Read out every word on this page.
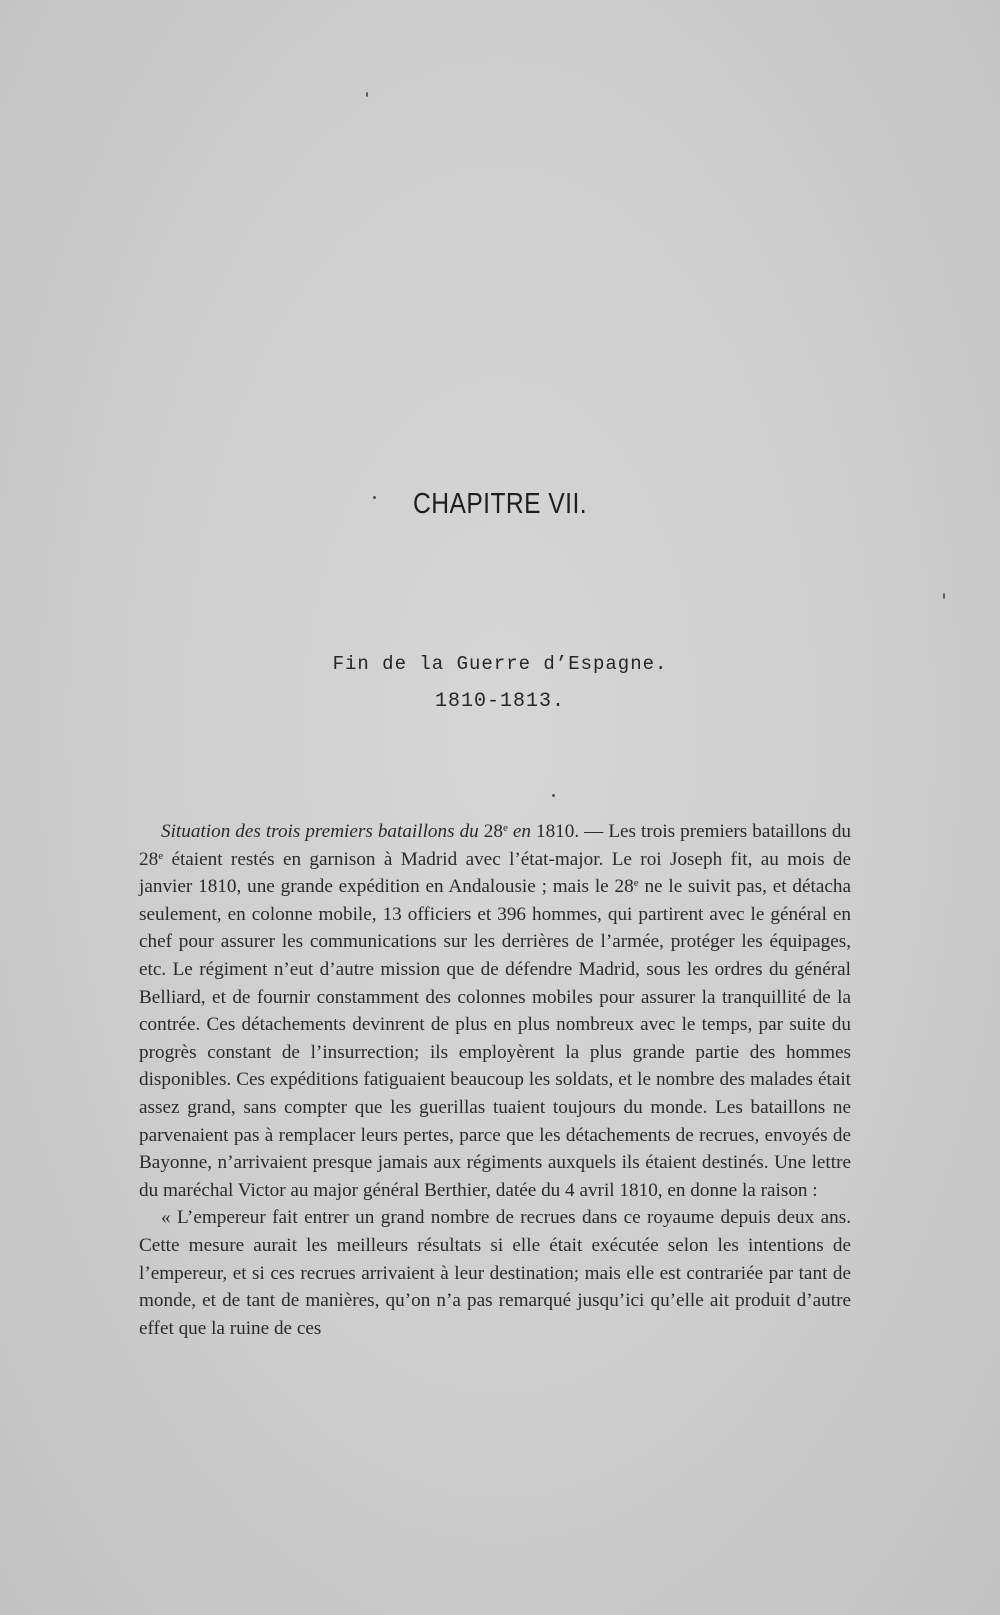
CHAPITRE VII.
Fin de la Guerre d’Espagne.
1810-1813.

Situation des trois premiers bataillons du 28e en 1810. — Les trois premiers bataillons du 28e étaient restés en garnison à Madrid avec l’état-major. Le roi Joseph fit, au mois de janvier 1810, une grande expédition en Andalousie ; mais le 28e ne le suivit pas, et détacha seulement, en colonne mobile, 13 officiers et 396 hommes, qui partirent avec le général en chef pour assurer les communications sur les derrières de l’armée, protéger les équipages, etc. Le régiment n’eut d’autre mission que de défendre Madrid, sous les ordres du général Belliard, et de fournir constamment des colonnes mobiles pour assurer la tranquillité de la contrée. Ces détachements devinrent de plus en plus nombreux avec le temps, par suite du progrès constant de l’insurrection; ils employèrent la plus grande partie des hommes disponibles. Ces expéditions fatiguaient beaucoup les soldats, et le nombre des malades était assez grand, sans compter que les guerillas tuaient toujours du monde. Les bataillons ne parvenaient pas à remplacer leurs pertes, parce que les détachements de recrues, envoyés de Bayonne, n’arrivaient presque jamais aux régiments auxquels ils étaient destinés. Une lettre du maréchal Victor au major général Berthier, datée du 4 avril 1810, en donne la raison :

« L’empereur fait entrer un grand nombre de recrues dans ce royaume depuis deux ans. Cette mesure aurait les meilleurs résultats si elle était exécutée selon les intentions de l’empereur, et si ces recrues arrivaient à leur destination; mais elle est contrariée par tant de monde, et de tant de manières, qu’on n’a pas remarqué jusqu’ici qu’elle ait produit d’autre effet que la ruine de ces
